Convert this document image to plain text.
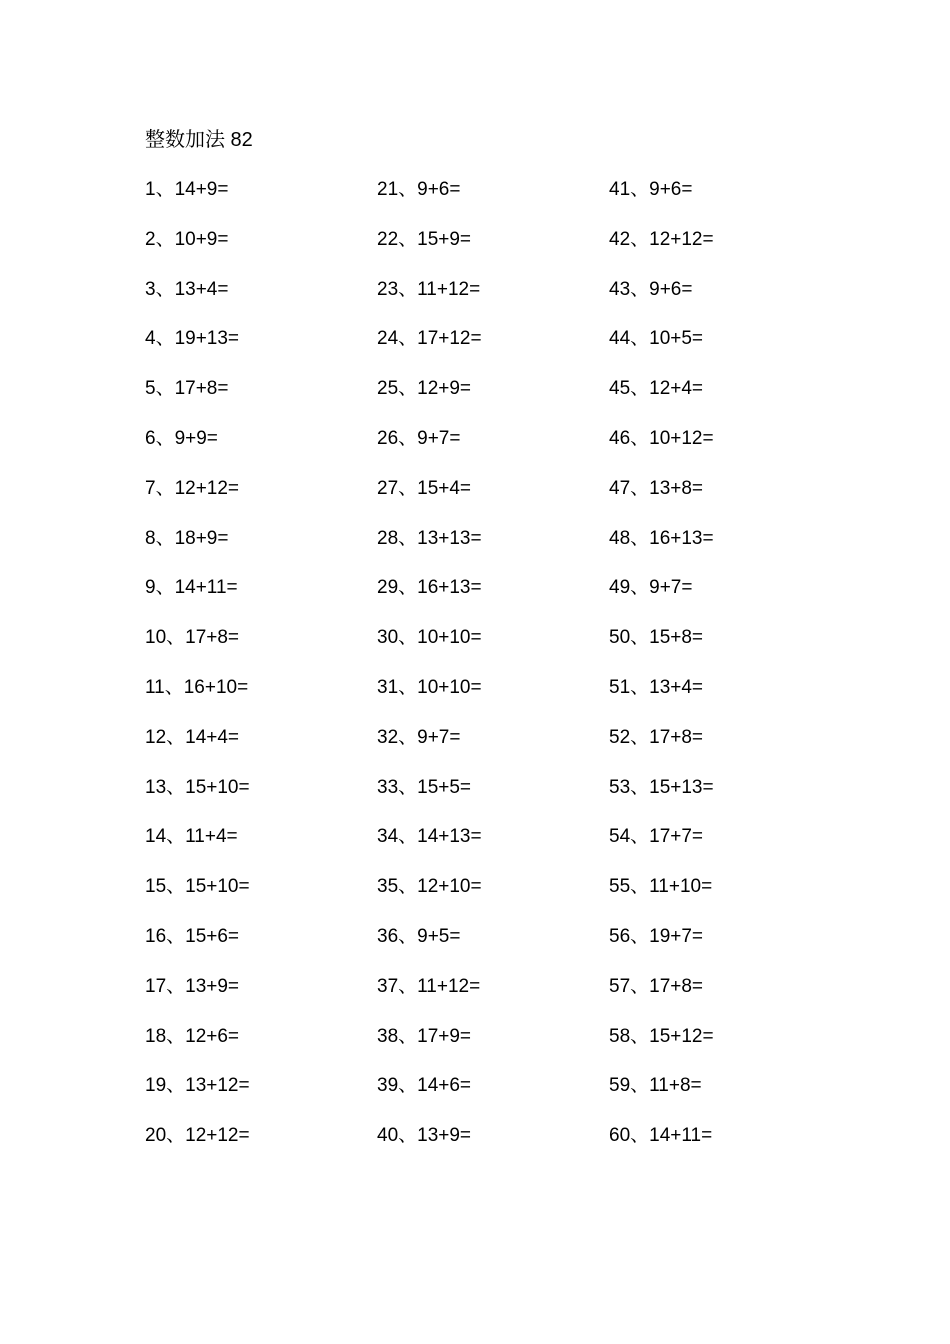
整数加法 82
1、14+9=	21、9+6=	41、9+6=
2、10+9=	22、15+9=	42、12+12=
3、13+4=	23、11+12=	43、9+6=
4、19+13=	24、17+12=	44、10+5=
5、17+8=	25、12+9=	45、12+4=
6、9+9=	26、9+7=	46、10+12=
7、12+12=	27、15+4=	47、13+8=
8、18+9=	28、13+13=	48、16+13=
9、14+11=	29、16+13=	49、9+7=
10、17+8=	30、10+10=	50、15+8=
11、16+10=	31、10+10=	51、13+4=
12、14+4=	32、9+7=	52、17+8=
13、15+10=	33、15+5=	53、15+13=
14、11+4=	34、14+13=	54、17+7=
15、15+10=	35、12+10=	55、11+10=
16、15+6=	36、9+5=	56、19+7=
17、13+9=	37、11+12=	57、17+8=
18、12+6=	38、17+9=	58、15+12=
19、13+12=	39、14+6=	59、11+8=
20、12+12=	40、13+9=	60、14+11=
